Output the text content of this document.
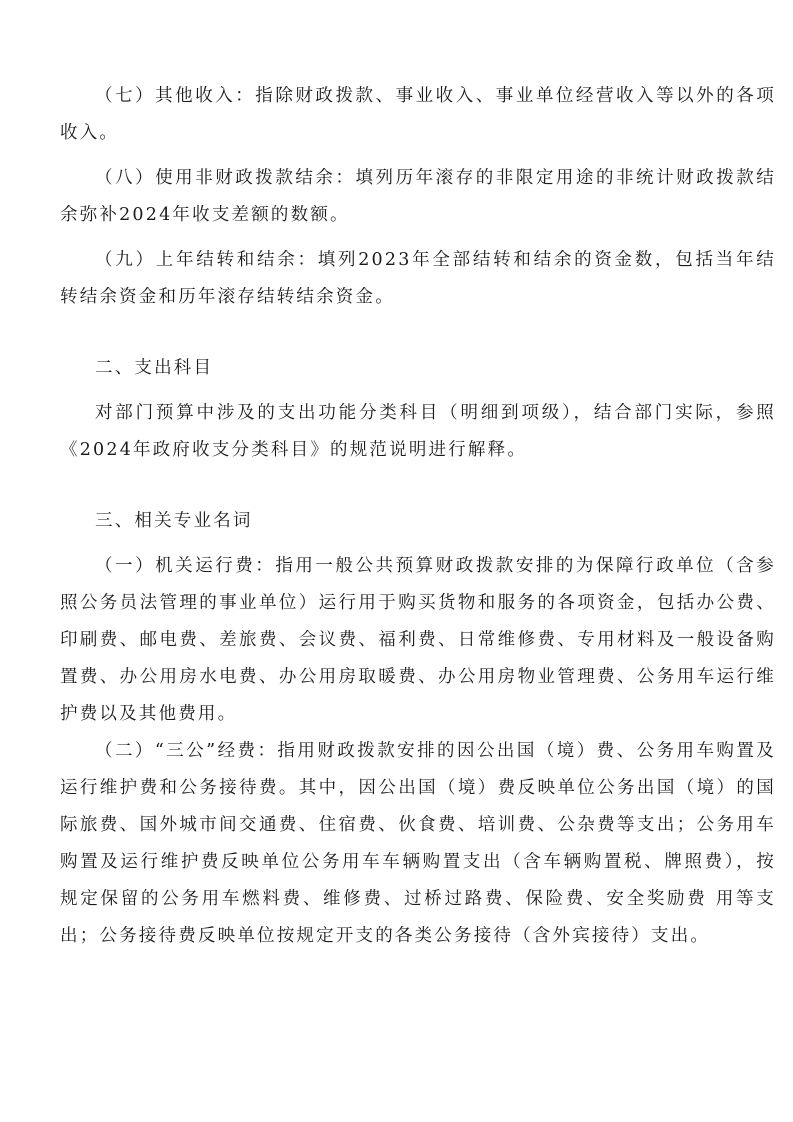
（七）其他收入：指除财政拨款、事业收入、事业单位经营收入等以外的各项收入。

（八）使用非财政拨款结余：填列历年滚存的非限定用途的非统计财政拨款结余弥补2024年收支差额的数额。

（九）上年结转和结余：填列2023年全部结转和结余的资金数，包括当年结转结余资金和历年滚存结转结余资金。

二、支出科目

对部门预算中涉及的支出功能分类科目（明细到项级），结合部门实际，参照《2024年政府收支分类科目》的规范说明进行解释。

三、相关专业名词

（一）机关运行费：指用一般公共预算财政拨款安排的为保障行政单位（含参照公务员法管理的事业单位）运行用于购买货物和服务的各项资金，包括办公费、印刷费、邮电费、差旅费、会议费、福利费、日常维修费、专用材料及一般设备购置费、办公用房水电费、办公用房取暖费、办公用房物业管理费、公务用车运行维护费以及其他费用。

（二）“三公”经费：指用财政拨款安排的因公出国（境）费、公务用车购置及运行维护费和公务接待费。其中，因公出国（境）费反映单位公务出国（境）的国际旅费、国外城市间交通费、住宿费、伙食费、培训费、公杂费等支出；公务用车购置及运行维护费反映单位公务用车车辆购置支出（含车辆购置税、牌照费），按规定保留的公务用车燃料费、维修费、过桥过路费、保险费、安全奖励费 用等支出；公务接待费反映单位按规定开支的各类公务接待（含外宾接待）支出。
